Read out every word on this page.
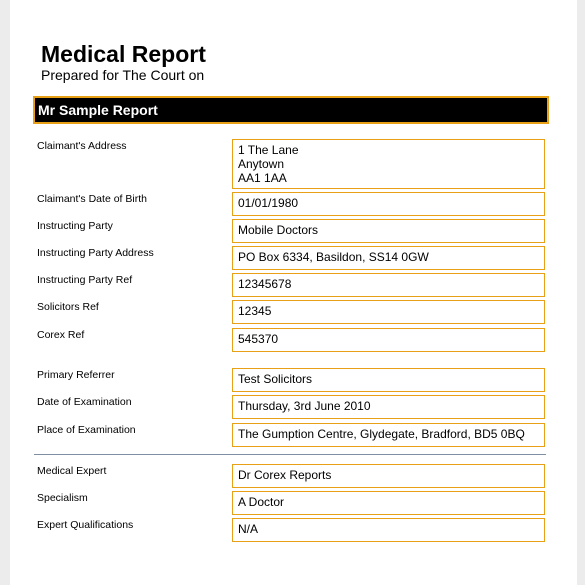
Medical Report
Prepared for The Court on
Mr Sample Report
Claimant's Address	1 The Lane
Anytown
AA1 1AA
Claimant's Date of Birth	01/01/1980
Instructing Party	Mobile Doctors
Instructing Party Address	PO Box 6334, Basildon, SS14 0GW
Instructing Party Ref	12345678
Solicitors Ref	12345
Corex Ref	545370
Primary Referrer	Test Solicitors
Date of Examination	Thursday, 3rd June 2010
Place of Examination	The Gumption Centre, Glydegate, Bradford, BD5 0BQ
Medical Expert	Dr Corex Reports
Specialism	A Doctor
Expert Qualifications	N/A
